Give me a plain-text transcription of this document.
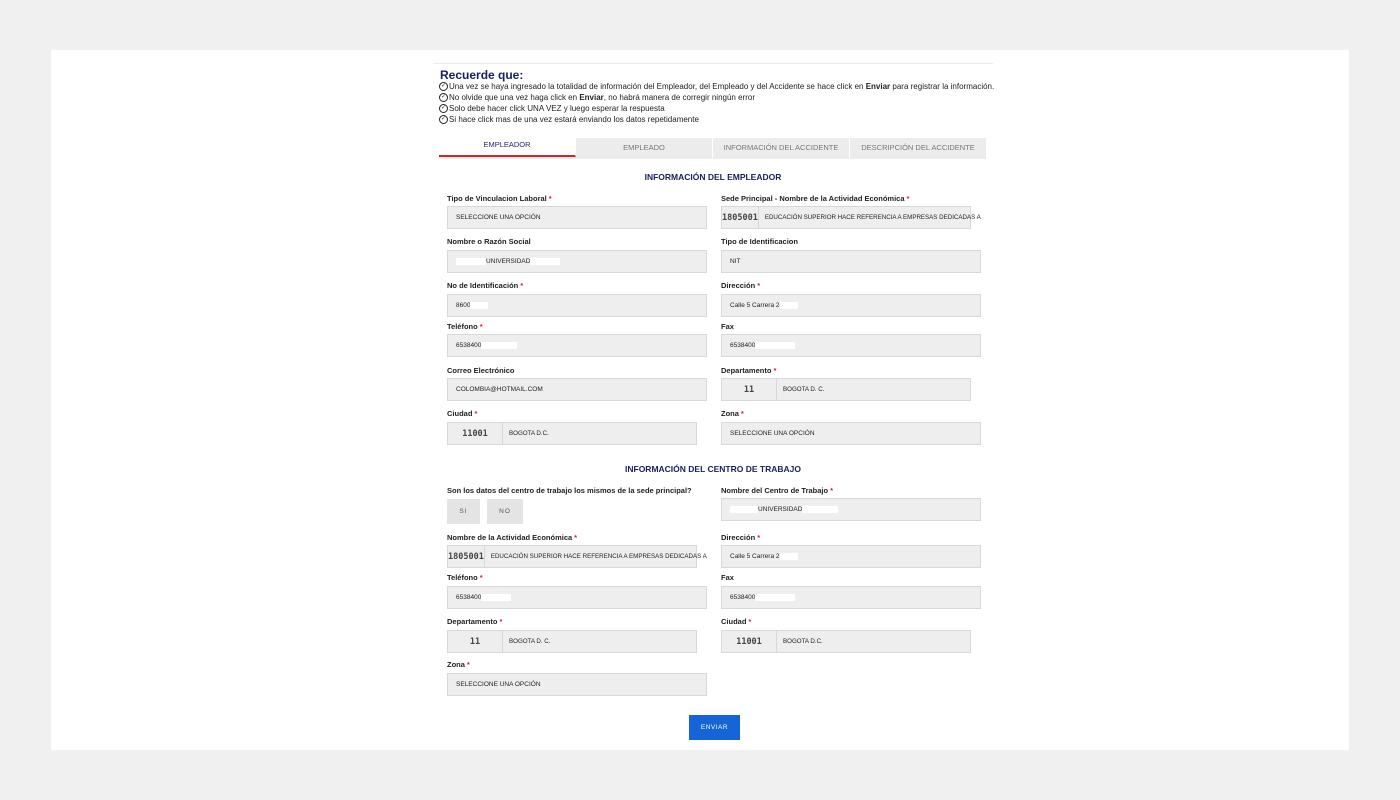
Recuerde que:
✓ Una vez se haya ingresado la totalidad de información del Empleador, del Empleado y del Accidente se hace click en Enviar para registrar la información.
✓ No olvide que una vez haga click en Enviar, no habrá manera de corregir ningún error
✓ Solo debe hacer click UNA VEZ y luego esperar la respuesta
✓ Si hace click mas de una vez estará enviando los datos repetidamente
EMPLEADOR	EMPLEADO	INFORMACIÓN DEL ACCIDENTE	DESCRIPCIÓN DEL ACCIDENTE
INFORMACIÓN DEL EMPLEADOR
Tipo de Vinculacion Laboral *
SELECCIONE UNA OPCIÓN
Sede Principal - Nombre de la Actividad Económica *
1805001	EDUCACIÓN SUPERIOR HACE REFERENCIA A EMPRESAS DEDICADAS A
Nombre o Razón Social
UNIVERSIDAD
Tipo de Identificacion
NIT
No de Identificación *
8600
Dirección *
Calle 5 Carrera 2
Teléfono *
6538400
Fax
6538400
Correo Electrónico
COLOMBIA@HOTMAIL.COM
Departamento *
11	BOGOTA D. C.
Ciudad *
11001	BOGOTA D.C.
Zona *
SELECCIONE UNA OPCIÓN
INFORMACIÓN DEL CENTRO DE TRABAJO
Son los datos del centro de trabajo los mismos de la sede principal?
SI	NO
Nombre del Centro de Trabajo *
UNIVERSIDAD
Nombre de la Actividad Económica *
1805001	EDUCACIÓN SUPERIOR HACE REFERENCIA A EMPRESAS DEDICADAS A
Dirección *
Calle 5 Carrera 2
Teléfono *
6538400
Fax
6538400
Departamento *
11	BOGOTA D. C.
Ciudad *
11001	BOGOTA D.C.
Zona *
SELECCIONE UNA OPCIÓN
ENVIAR
